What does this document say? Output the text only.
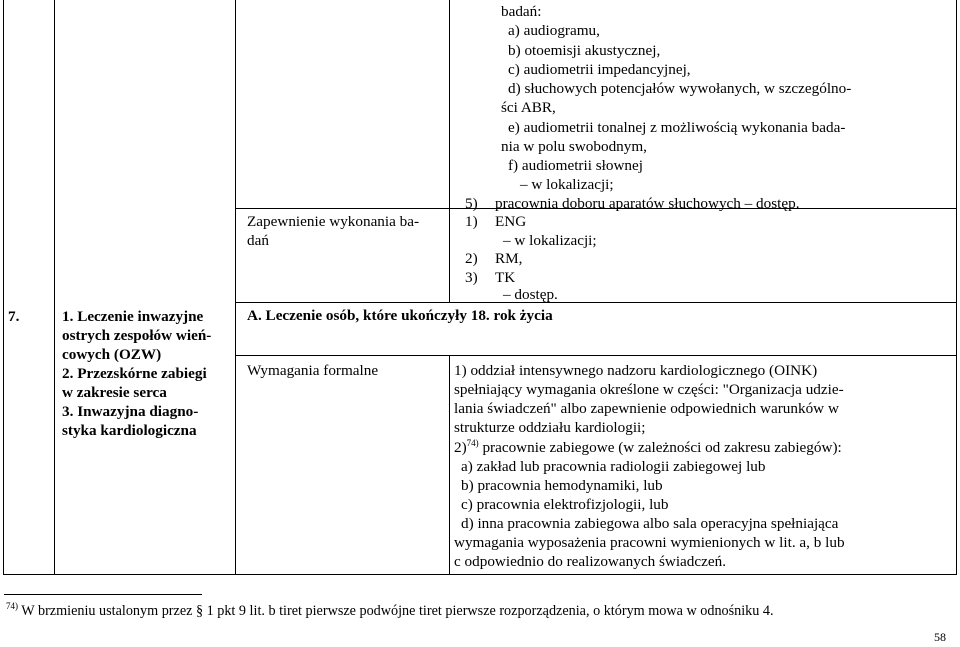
badań:
a) audiogramu,
b) otoemisji akustycznej,
c) audiometrii impedancyjnej,
d) słuchowych potencjałów wywołanych, w szczególno-
ści ABR,
e) audiometrii tonalnej z możliwością wykonania bada-
nia w polu swobodnym,
f) audiometrii słownej
– w lokalizacji;
5) pracownia doboru aparatów słuchowych – dostęp.
Zapewnienie wykonania ba-
dań
1) ENG
– w lokalizacji;
2) RM,
3) TK
– dostęp.
7.	1. Leczenie inwazyjne
ostrych zespołów wień-
cowych (OZW)
2. Przezskórne zabiegi
w zakresie serca
3. Inwazyjna diagno-
styka kardiologiczna
A. Leczenie osób, które ukończyły 18. rok życia
Wymagania formalne	1) oddział intensywnego nadzoru kardiologicznego (OINK)
spełniający wymagania określone w części: "Organizacja udzie-
lania świadczeń" albo zapewnienie odpowiednich warunków w
strukturze oddziału kardiologii;
2)$^{74)}$ pracownie zabiegowe (w zależności od zakresu zabiegów):
a) zakład lub pracownia radiologii zabiegowej lub
b) pracownia hemodynamiki, lub
c) pracownia elektrofizjologii, lub
d) inna pracownia zabiegowa albo sala operacyjna spełniająca
wymagania wyposażenia pracowni wymienionych w lit. a, b lub
c odpowiednio do realizowanych świadczeń.
$^{74)}$ W brzmieniu ustalonym przez § 1 pkt 9 lit. b tiret pierwsze podwójne tiret pierwsze rozporządzenia, o którym mowa w odnośniku 4.
58
